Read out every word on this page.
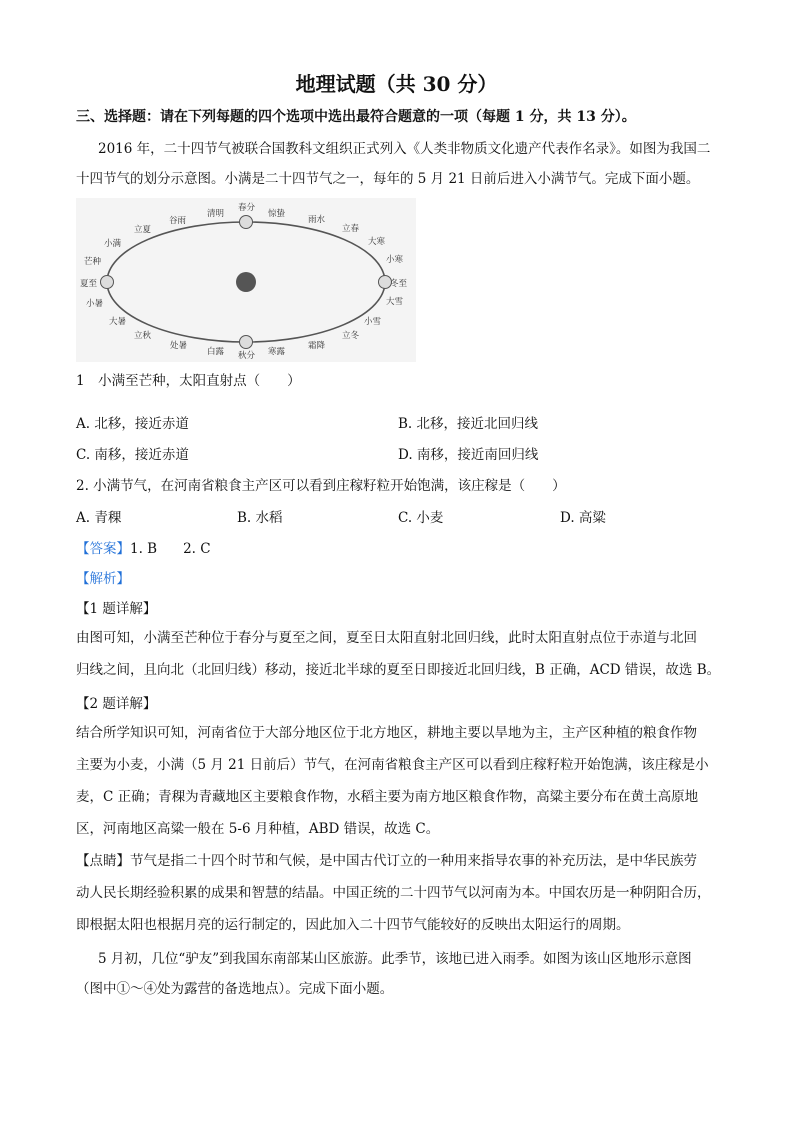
地理试题（共 30 分）
三、选择题：请在下列每题的四个选项中选出最符合题意的一项（每题 1 分，共 13 分）。
2016 年，二十四节气被联合国教科文组织正式列入《人类非物质文化遗产代表作名录》。如图为我国二
十四节气的划分示意图。小满是二十四节气之一，每年的 5 月 21 日前后进入小满节气。完成下面小题。
春分
清明
谷雨
立夏
小满
芒种
夏至
小暑
大暑
立秋
处暑
白露 秋分 寒露
霜降
立冬
小雪
大雪
冬至
小寒
大寒
立春
雨水
惊蛰
1　小满至芒种，太阳直射点（　　）
A. 北移，接近赤道	B. 北移，接近北回归线
C. 南移，接近赤道	D. 南移，接近南回归线
2. 小满节气，在河南省粮食主产区可以看到庄稼籽粒开始饱满，该庄稼是（　　）
A. 青稞	B. 水稻	C. 小麦	D. 高粱
【答案】1. B 2. C
【解析】
【1 题详解】
由图可知，小满至芒种位于春分与夏至之间，夏至日太阳直射北回归线，此时太阳直射点位于赤道与北回
归线之间，且向北（北回归线）移动，接近北半球的夏至日即接近北回归线，B 正确，ACD 错误，故选 B。
【2 题详解】
结合所学知识可知，河南省位于大部分地区位于北方地区，耕地主要以旱地为主，主产区种植的粮食作物
主要为小麦，小满（5 月 21 日前后）节气，在河南省粮食主产区可以看到庄稼籽粒开始饱满，该庄稼是小
麦，C 正确；青稞为青藏地区主要粮食作物，水稻主要为南方地区粮食作物，高粱主要分布在黄土高原地
区，河南地区高粱一般在 5-6 月种植，ABD 错误，故选 C。
【点睛】节气是指二十四个时节和气候，是中国古代订立的一种用来指导农事的补充历法，是中华民族劳
动人民长期经验积累的成果和智慧的结晶。中国正统的二十四节气以河南为本。中国农历是一种阴阳合历，
即根据太阳也根据月亮的运行制定的，因此加入二十四节气能较好的反映出太阳运行的周期。
5 月初，几位“驴友”到我国东南部某山区旅游。此季节，该地已进入雨季。如图为该山区地形示意图
（图中①～④处为露营的备选地点）。完成下面小题。
